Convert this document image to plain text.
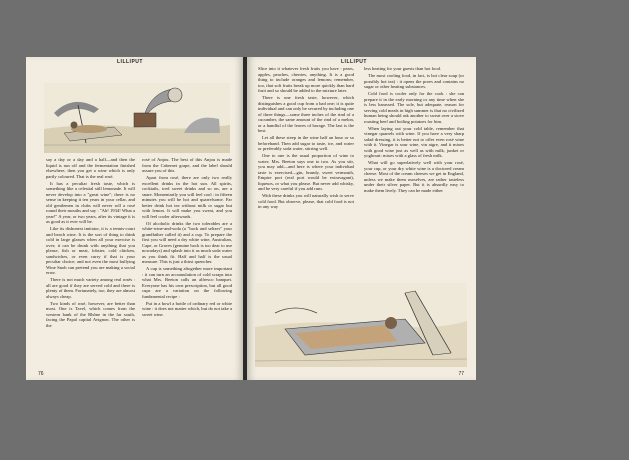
LILLIPUT

say a day or a day and a half—and then the liquid is run off and the fermentation finished elsewhere, then you get a wine which is only partly coloured. That is the real rosé.

It has a peculiar fresh taste, which is something like a celestial still lemonade. It will never develop into a "great wine"; there is no sense in keeping it ten years in your cellar, and old gentlemen in clubs will never roll a rosé round their mouths and say : "Ah! 1934! What a year!" A year, or two years, after its vintage it is as good as it ever will be.

Like its dishonest imitator, it is a tennis-court and beach wine. It is the sort of thing to drink cold in large glasses when all your exercise is over; it can be drunk with anything that you please, fish or meat, lobster, cold chicken, sandwiches, or even curry if that is your peculiar choice; and not even the most bullying Wine Snob can pretend you are making a social error.

There is not much variety among real rosés : all are good if they are served cold and there is plenty of them. Fortunately, too, they are almost always cheap.

Two kinds of rosé, however, are better than most. One is Tavel, which comes from the western bank of the Rhône in the far south, facing the Papal capital Avignon. The other is the

rosé of Anjou. The best of this Anjou is made from the Cabernet grape, and the label should assure you of this.

Apart from rosé, there are only two really excellent drinks in the hot sun. All spirits, cocktails, iced sweet drinks and so on, are a snare. Momentarily you will feel cool : in fifteen minutes you will be hot and quarrelsome. Far better drink hot tea without milk or sugar but with lemon. It will make you sweat, and you will feel cooler afterwards.

Of alcoholic drinks the two tolerables are a white-wine-and-soda (a "hock and seltzer" your grandfather called it) and a cup. To prepare the first you will need a dry white wine, Australian, Cape, or Graves (genuine hock is too dear to use nowadays) and splash into it as much soda water as you think fit. Half and half is the usual measure. This is just a thirst quencher.

A cup is something altogether more important : it can turn an accumulation of cold scraps into what Mrs. Beeton calls an alfresco banquet. Everyone has his own prescription, but all good cups are a variation on the following fundamental recipe :

Put in a bowl a bottle of ordinary red or white wine : it does not matter which, but do not take a sweet wine.

76
LILLIPUT

Slice into it whatever fresh fruits you have : pears, apples, peaches, cherries, anything. It is a good thing to include oranges and lemons; remember, too, that soft fruits break up more quickly than hard fruit and so should be added to the mixture later.

There is one fresh taste, however, which distinguishes a good cup from a bad one; it is quite individual and can only be secured by including one of three things—some three inches of the rind of a cucumber, the same amount of the rind of a melon, or a handful of the leaves of borage. The last is the best.

Let all these steep in the wine half an hour or so beforehand. Then add sugar to taste, ice, and water or preferably soda water, stirring well.

One to one is the usual proportion of wine to water; Mrs. Beeton says one to two. As you stir, you may add—and here is where your individual taste is exercised—gin, brandy, sweet vermouth, Empire port (real port would be extravagant), liqueurs, or what you please. But never add whisky, and be very careful if you add rum.

With these drinks you will naturally wish to serve cold food. But observe, please, that cold food is not in any way

less heating for your guests than hot food.

The most cooling food, in fact, is hot clear soup (or possibly hot tea) : it opens the pores and contains no sugar or other heating substances.

Cold food is cooler only for the cook : she can prepare it in the early morning or any time when she is less harassed. The sole, but adequate, reason for serving cold meals in high summer is that no civilized human being should ask another to sweat over a stove roasting beef and boiling potatoes for him.

When laying out your cold table, remember that vinegar quarrels with wine. If you have a very sharp salad dressing, it is better not to offer even rosé wine with it. Vinegar is sour wine, vin aigre, and it mixes with good wine just as well as with milk, junket or yoghourt: mixes with a glass of fresh milk.

What will go superlatively well with your rosé, your cup, or your dry white wine is a doctored cream cheese. Most of the cream cheeses we get in England, unless we make them ourselves, are rather tasteless under their silver paper. But it is absurdly easy to make them lively. They can be made either

77
